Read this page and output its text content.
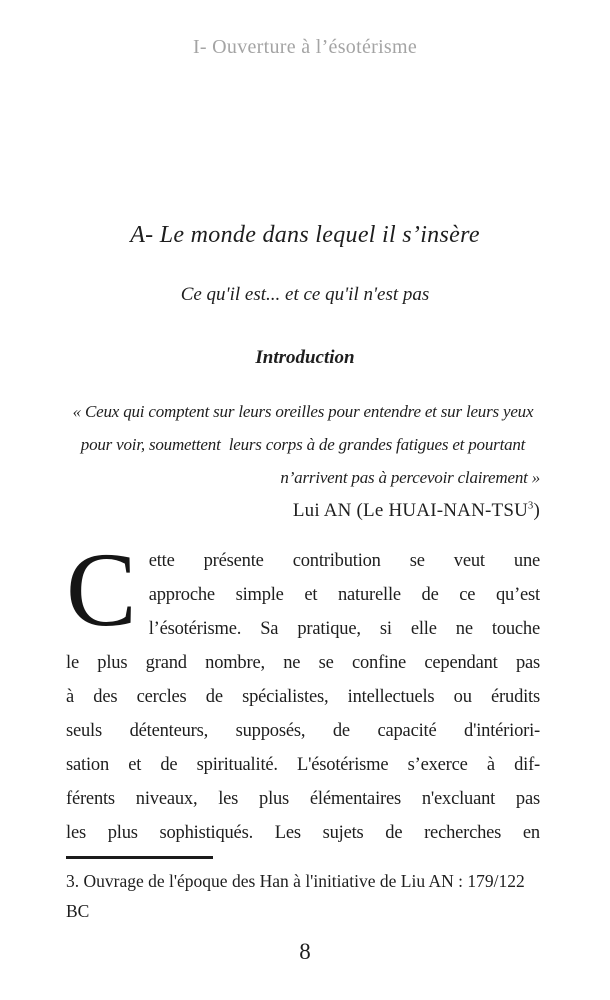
I- Ouverture à l’ésotérisme
A- Le monde dans lequel il s’insère
Ce qu'il est... et ce qu'il n'est pas
Introduction
« Ceux qui comptent sur leurs oreilles pour entendre et sur leurs yeux
pour voir, soumettent  leurs corps à de grandes fatigues et pourtant
n’arrivent pas à percevoir clairement »
Lui AN (Le HUAI-NAN-TSU$^3$)
C ette présente contribution se veut une
approche simple et naturelle de ce qu’est
l’ésotérisme. Sa pratique, si elle ne touche
le plus grand nombre, ne se confine cependant pas
à des cercles de spécialistes, intellectuels ou érudits
seuls détenteurs, supposés, de capacité d'intériori-
sation et de spiritualité. L'ésotérisme s’exerce à dif-
férents niveaux, les plus élémentaires n'excluant pas
les plus sophistiqués. Les sujets de recherches en
3. Ouvrage de l'époque des Han à l'initiative de Liu AN : 179/122
BC
8
